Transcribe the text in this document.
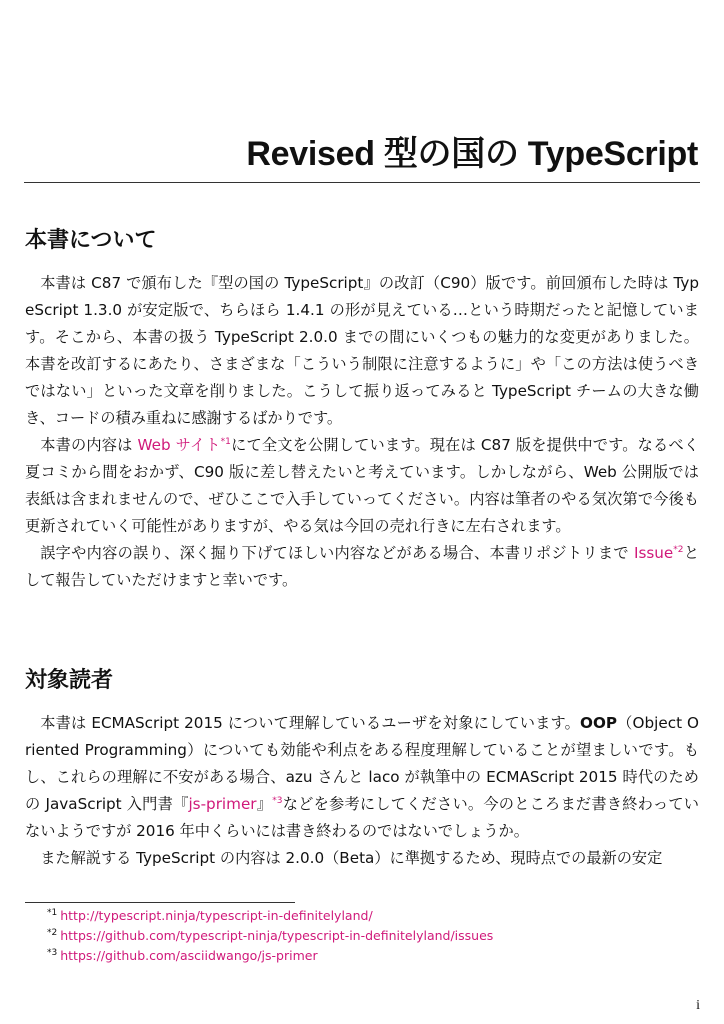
Revised 型の国の TypeScript
本書について

本書は C87 で頒布した『型の国の TypeScript』の改訂（C90）版です。前回頒布した時は TypeScript 1.3.0 が安定版で、ちらほら 1.4.1 の形が見えている…という時期だったと記憶しています。そこから、本書の扱う TypeScript 2.0.0 までの間にいくつもの魅力的な変更がありました。本書を改訂するにあたり、さまざまな「こういう制限に注意するように」や「この方法は使うべきではない」といった文章を削りました。こうして振り返ってみると TypeScript チームの大きな働き、コードの積み重ねに感謝するばかりです。

本書の内容は Web サイト$^{*1}$にて全文を公開しています。現在は C87 版を提供中です。なるべく夏コミから間をおかず、C90 版に差し替えたいと考えています。しかしながら、Web 公開版では表紙は含まれませんので、ぜひここで入手していってください。内容は筆者のやる気次第で今後も更新されていく可能性がありますが、やる気は今回の売れ行きに左右されます。

誤字や内容の誤り、深く掘り下げてほしい内容などがある場合、本書リポジトリまで Issue$^{*2}$として報告していただけますと幸いです。

対象読者

本書は ECMAScript 2015 について理解しているユーザを対象にしています。OOP（Object Oriented Programming）についても効能や利点をある程度理解していることが望ましいです。もし、これらの理解に不安がある場合、azu さんと laco が執筆中の ECMAScript 2015 時代のための JavaScript 入門書『js-primer』$^{*3}$などを参考にしてください。今のところまだ書き終わっていないようですが 2016 年中くらいには書き終わるのではないでしょうか。

また解説する TypeScript の内容は 2.0.0（Beta）に準拠するため、現時点での最新の安定

$^{*1}$ http://typescript.ninja/typescript-in-definitelyland/
$^{*2}$ https://github.com/typescript-ninja/typescript-in-definitelyland/issues
$^{*3}$ https://github.com/asciidwango/js-primer
i
